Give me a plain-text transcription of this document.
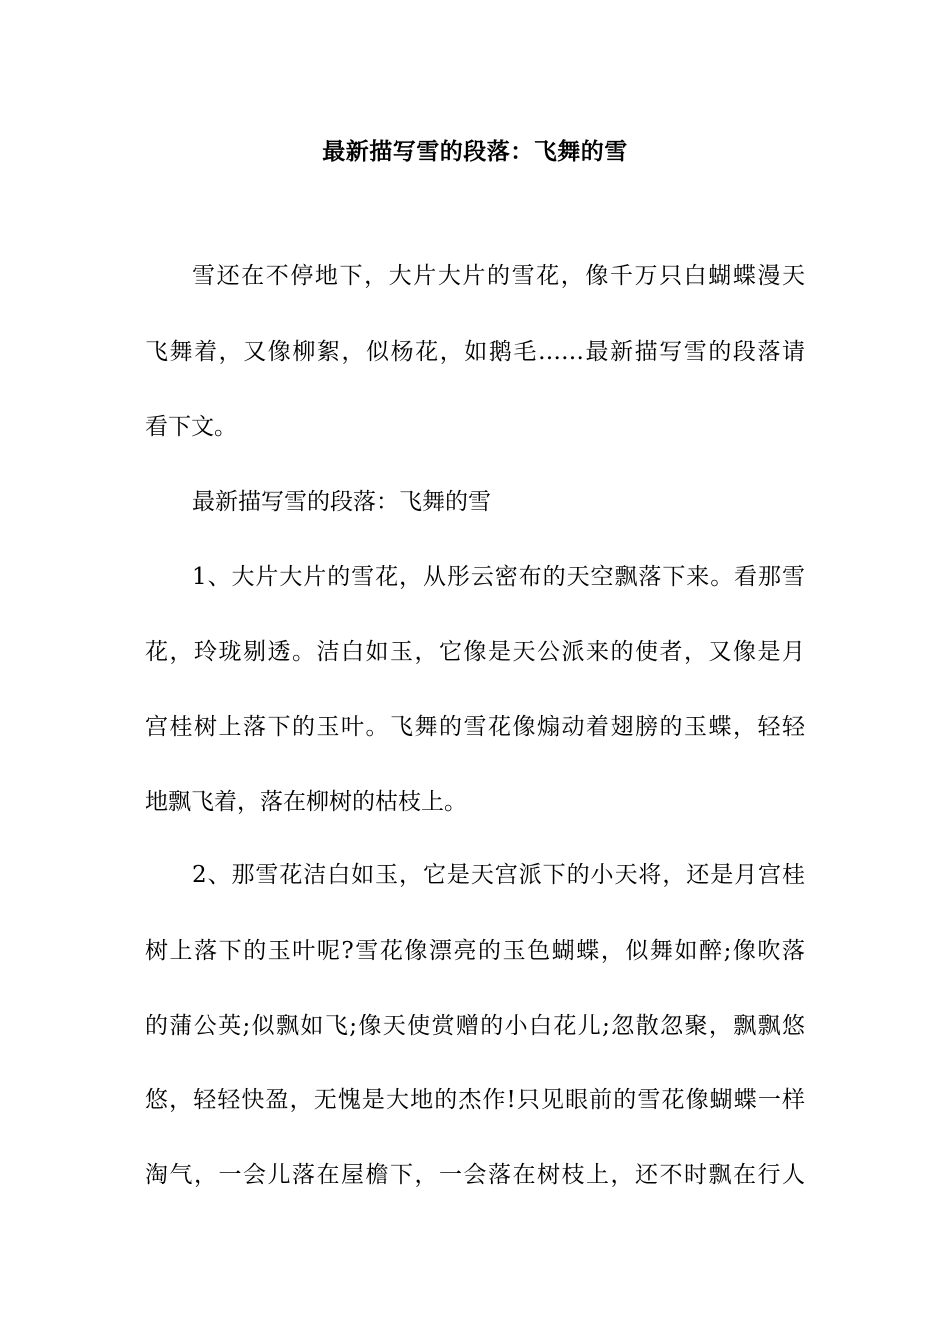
最新描写雪的段落：飞舞的雪
雪还在不停地下，大片大片的雪花，像千万只白蝴蝶漫天
飞舞着，又像柳絮，似杨花，如鹅毛……最新描写雪的段落请
看下文。
最新描写雪的段落：飞舞的雪
1、大片大片的雪花，从彤云密布的天空飘落下来。看那雪
花，玲珑剔透。洁白如玉，它像是天公派来的使者，又像是月
宫桂树上落下的玉叶。飞舞的雪花像煽动着翅膀的玉蝶，轻轻
地飘飞着，落在柳树的枯枝上。
2、那雪花洁白如玉，它是天宫派下的小天将，还是月宫桂
树上落下的玉叶呢?雪花像漂亮的玉色蝴蝶，似舞如醉;像吹落
的蒲公英;似飘如飞;像天使赏赠的小白花儿;忽散忽聚，飘飘悠
悠，轻轻快盈，无愧是大地的杰作!只见眼前的雪花像蝴蝶一样
淘气，一会儿落在屋檐下，一会落在树枝上，还不时飘在行人
